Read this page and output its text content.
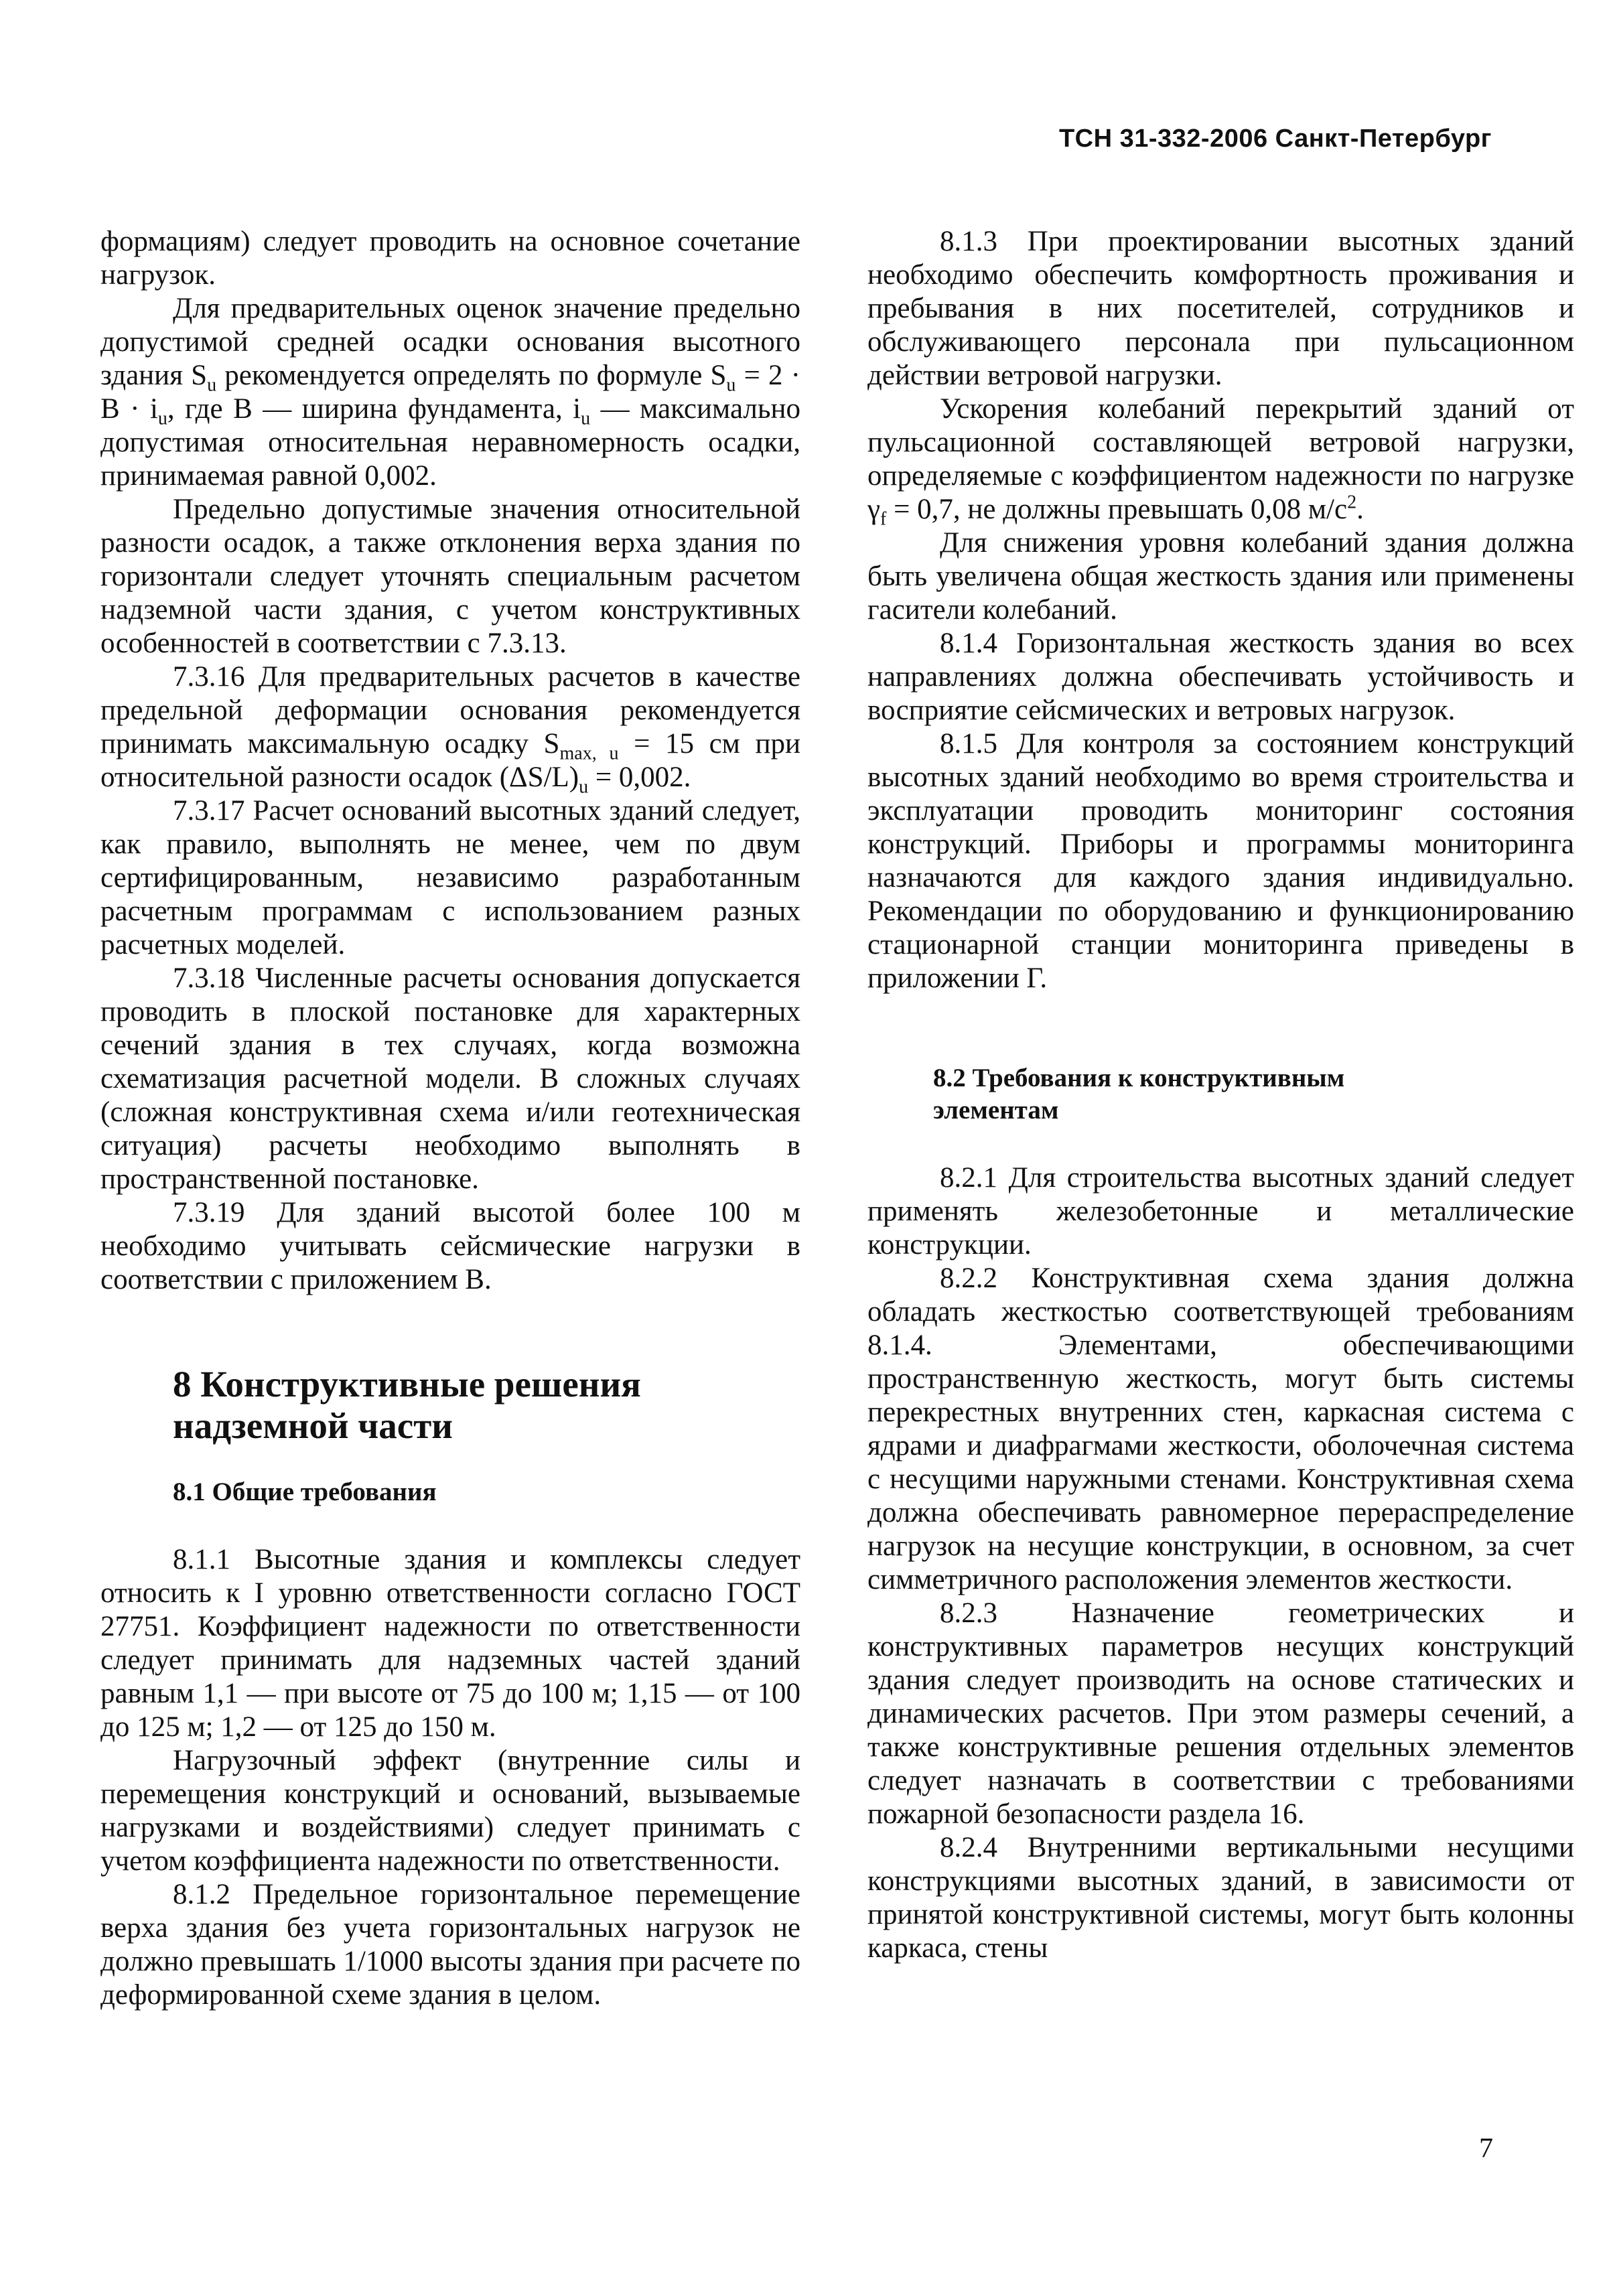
ТСН 31-332-2006 Санкт-Петербург

формациям) следует проводить на основное сочетание нагрузок.

Для предварительных оценок значение предельно допустимой средней осадки основания высотного здания $S_u$ рекомендуется определять по формуле $S_u = 2 \cdot B \cdot i_u$, где B — ширина фундамента, $i_u$ — максимально допустимая относительная неравномерность осадки, принимаемая равной 0,002.

Предельно допустимые значения относительной разности осадок, а также отклонения верха здания по горизонтали следует уточнять специальным расчетом надземной части здания, с учетом конструктивных особенностей в соответствии с 7.3.13.

7.3.16 Для предварительных расчетов в качестве предельной деформации основания рекомендуется принимать максимальную осадку $S_{max, u} = 15$ см при относительной разности осадок $(\Delta S/L)_u = 0,002$.

7.3.17 Расчет оснований высотных зданий следует, как правило, выполнять не менее, чем по двум сертифицированным, независимо разработанным расчетным программам с использованием разных расчетных моделей.

7.3.18 Численные расчеты основания допускается проводить в плоской постановке для характерных сечений здания в тех случаях, когда возможна схематизация расчетной модели. В сложных случаях (сложная конструктивная схема и/или геотехническая ситуация) расчеты необходимо выполнять в пространственной постановке.

7.3.19 Для зданий высотой более 100 м необходимо учитывать сейсмические нагрузки в соответствии с приложением В.

8 Конструктивные решения надземной части

8.1 Общие требования

8.1.1 Высотные здания и комплексы следует относить к I уровню ответственности согласно ГОСТ 27751. Коэффициент надежности по ответственности следует принимать для надземных частей зданий равным 1,1 — при высоте от 75 до 100 м; 1,15 — от 100 до 125 м; 1,2 — от 125 до 150 м.

Нагрузочный эффект (внутренние силы и перемещения конструкций и оснований, вызываемые нагрузками и воздействиями) следует принимать с учетом коэффициента надежности по ответственности.

8.1.2 Предельное горизонтальное перемещение верха здания без учета горизонтальных нагрузок не должно превышать 1/1000 высоты здания при расчете по деформированной схеме здания в целом.

8.1.3 При проектировании высотных зданий необходимо обеспечить комфортность проживания и пребывания в них посетителей, сотрудников и обслуживающего персонала при пульсационном действии ветровой нагрузки.

Ускорения колебаний перекрытий зданий от пульсационной составляющей ветровой нагрузки, определяемые с коэффициентом надежности по нагрузке $\gamma_f = 0,7$, не должны превышать 0,08 $м/с^2$.

Для снижения уровня колебаний здания должна быть увеличена общая жесткость здания или применены гасители колебаний.

8.1.4 Горизонтальная жесткость здания во всех направлениях должна обеспечивать устойчивость и восприятие сейсмических и ветровых нагрузок.

8.1.5 Для контроля за состоянием конструкций высотных зданий необходимо во время строительства и эксплуатации проводить мониторинг состояния конструкций. Приборы и программы мониторинга назначаются для каждого здания индивидуально. Рекомендации по оборудованию и функционированию стационарной станции мониторинга приведены в приложении Г.

8.2 Требования к конструктивным элементам

8.2.1 Для строительства высотных зданий следует применять железобетонные и металлические конструкции.

8.2.2 Конструктивная схема здания должна обладать жесткостью соответствующей требованиям 8.1.4. Элементами, обеспечивающими пространственную жесткость, могут быть системы перекрестных внутренних стен, каркасная система с ядрами и диафрагмами жесткости, оболочечная система с несущими наружными стенами. Конструктивная схема должна обеспечивать равномерное перераспределение нагрузок на несущие конструкции, в основном, за счет симметричного расположения элементов жесткости.

8.2.3 Назначение геометрических и конструктивных параметров несущих конструкций здания следует производить на основе статических и динамических расчетов. При этом размеры сечений, а также конструктивные решения отдельных элементов следует назначать в соответствии с требованиями пожарной безопасности раздела 16.

8.2.4 Внутренними вертикальными несущими конструкциями высотных зданий, в зависимости от принятой конструктивной системы, могут быть колонны каркаса, стены

7
